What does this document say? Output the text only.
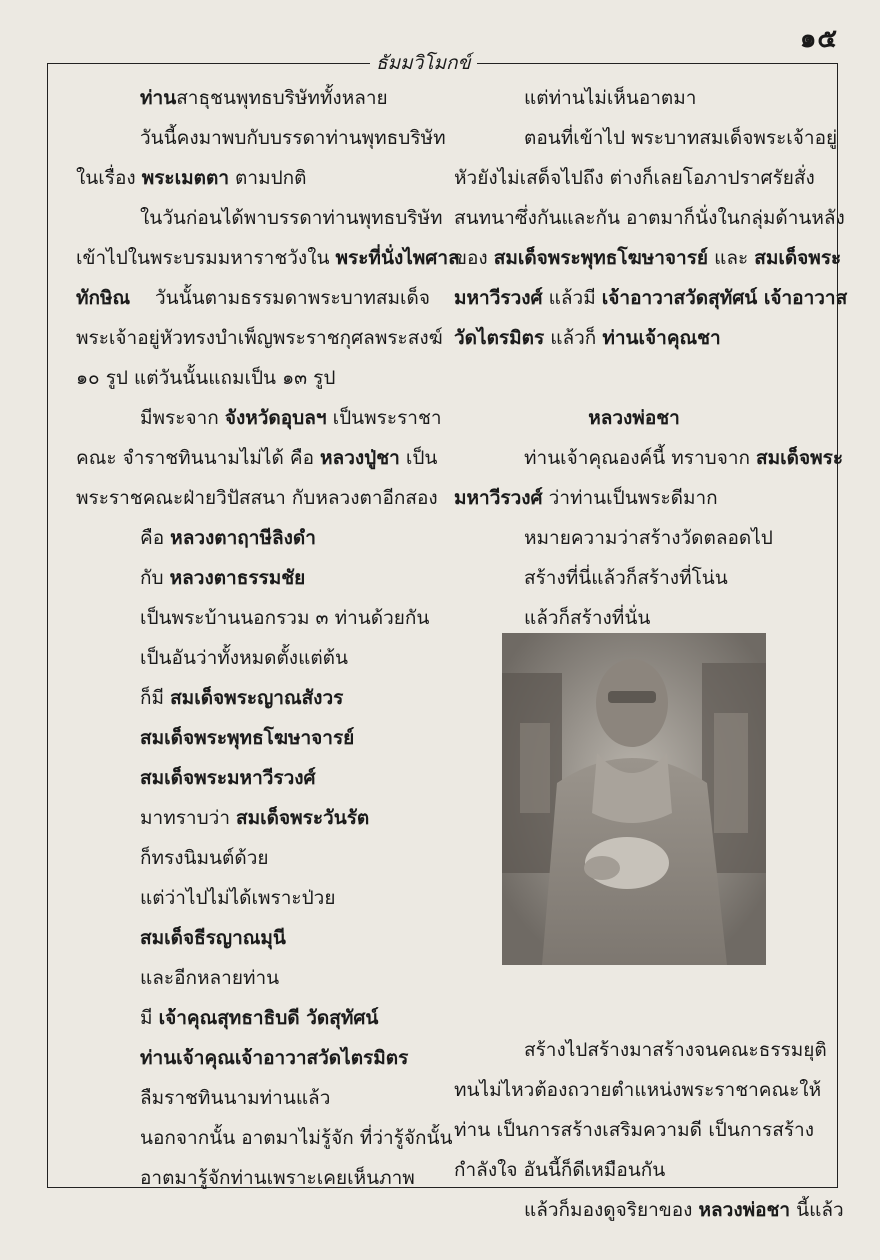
๑๕
ธัมมวิโมกข์
ท่านสาธุชนพุทธบริษัททั้งหลาย
วันนี้คงมาพบกับบรรดาท่านพุทธบริษัท
ในเรื่อง พระเมตตา ตามปกติ
ในวันก่อนได้พาบรรดาท่านพุทธบริษัท
เข้าไปในพระบรมมหาราชวังใน พระที่นั่งไพศาล
ทักษิณ วันนั้นตามธรรมดาพระบาทสมเด็จ
พระเจ้าอยู่หัวทรงบำเพ็ญพระราชกุศลพระสงฆ์
๑๐ รูป แต่วันนั้นแถมเป็น ๑๓ รูป
มีพระจาก จังหวัดอุบลฯ เป็นพระราชา
คณะ จำราชทินนามไม่ได้ คือ หลวงปู่ชา เป็น
พระราชคณะฝ่ายวิปัสสนา กับหลวงตาอีกสอง
คือ หลวงตาฤาษีลิงดำ
กับ หลวงตาธรรมชัย
เป็นพระบ้านนอกรวม ๓ ท่านด้วยกัน
เป็นอันว่าทั้งหมดตั้งแต่ต้น
ก็มี สมเด็จพระญาณสังวร
สมเด็จพระพุทธโฆษาจารย์
สมเด็จพระมหาวีรวงศ์
มาทราบว่า สมเด็จพระวันรัต
ก็ทรงนิมนต์ด้วย
แต่ว่าไปไม่ได้เพราะป่วย
สมเด็จธีรญาณมุนี
และอีกหลายท่าน
มี เจ้าคุณสุทธาธิบดี วัดสุทัศน์
ท่านเจ้าคุณเจ้าอาวาสวัดไตรมิตร
ลืมราชทินนามท่านแล้ว
นอกจากนั้น อาตมาไม่รู้จัก ที่ว่ารู้จักนั้น
อาตมารู้จักท่านเพราะเคยเห็นภาพ
แต่ท่านไม่เห็นอาตมา
ตอนที่เข้าไป พระบาทสมเด็จพระเจ้าอยู่
หัวยังไม่เสด็จไปถึง ต่างก็เลยโอภาปราศรัยสั่ง
สนทนาซึ่งกันและกัน อาตมาก็นั่งในกลุ่มด้านหลัง
ของ สมเด็จพระพุทธโฆษาจารย์ และ สมเด็จพระ
มหาวีรวงศ์ แล้วมี เจ้าอาวาสวัดสุทัศน์ เจ้าอาวาส
วัดไตรมิตร แล้วก็ ท่านเจ้าคุณชา
หลวงพ่อชา
ท่านเจ้าคุณองค์นี้ ทราบจาก สมเด็จพระ
มหาวีรวงศ์ ว่าท่านเป็นพระดีมาก
หมายความว่าสร้างวัดตลอดไป
สร้างที่นี่แล้วก็สร้างที่โน่น
แล้วก็สร้างที่นั่น
สร้างไปสร้างมาสร้างจนคณะธรรมยุติ
ทนไม่ไหวต้องถวายตำแหน่งพระราชาคณะให้
ท่าน เป็นการสร้างเสริมความดี เป็นการสร้าง
กำลังใจ อันนี้ก็ดีเหมือนกัน
แล้วก็มองดูจริยาของ หลวงพ่อชา นี้แล้ว
